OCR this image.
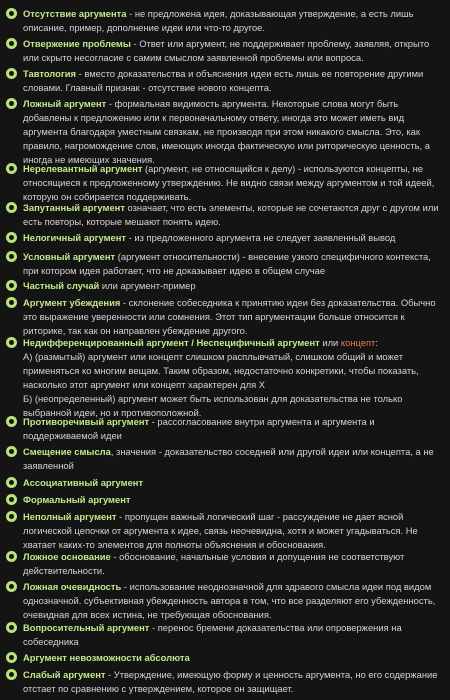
Отсутствие аргумента - не предложена идея, доказывающая утверждение, а есть лишь описание, пример, дополнение идеи или что-то другое.
Отвержение проблемы - Ответ или аргумент, не поддерживает проблему, заявляя, открыто или скрыто несогласие с самим смыслом заявленной проблемы или вопроса.
Тавтология - вместо доказательства и объяснения идеи есть лишь ее повторение другими словами. Главный признак - отсутствие нового концепта.
Ложный аргумент - формальная видимость аргумента. Некоторые слова могут быть добавлены к предложению или к первоначальному ответу, иногда это может иметь вид аргумента благодаря уместным связкам, не производя при этом никакого смысла. Это, как правило, нагромождение слов, имеющих иногда фактическую или риторическую ценность, а иногда не имеющих значения.
Нерелевантный аргумент (аргумент, не относящийся к делу) - используются концепты, не относящиеся к предложенному утверждению. Не видно связи между аргументом и той идеей, которую он собирается поддерживать.
Запутанный аргумент означает, что есть элементы, которые не сочетаются друг с другом или есть повторы, которые мешают понять идею.
Нелогичный аргумент - из предложенного аргумента не следует заявленный вывод
Условный аргумент (аргумент относительности) - внесение узкого специфичного контекста, при котором идея работает, что не доказывает идею в общем случае
Частный случай или аргумент-пример
Аргумент убеждения - склонение собеседника к принятию идеи без доказательства. Обычно это выражение уверенности или сомнения. Этот тип аргументации больше относится к риторике, так как он направлен убеждение другого.
Недифференцированный аргумент / Неспецифичный аргумент или концепт:
А) (размытый) аргумент или концепт слишком расплывчатый, слишком общий и может применяться ко многим вещам. Таким образом, недостаточно конкретики, чтобы показать, насколько этот аргумент или концепт характерен для Х
Б) (неопределенный) аргумент может быть использован для доказательства не только выбранной идеи, но и противоположной.
Противоречивый аргумент - рассогласование внутри аргумента и аргумента и поддерживаемой идеи
Смещение смысла, значения - доказательство соседней или другой идеи или концепта, а не заявленной
Ассоциативный аргумент
Формальный аргумент
Неполный аргумент - пропущен важный логический шаг - рассуждение не дает ясной логической цепочки от аргумента к идее, связь неочевидна, хотя и может угадываться. Не хватает каких-то элементов для полноты объяснения и обоснования.
Ложное основание - обоснование, начальные условия и допущения не соответствуют действительности.
Ложная очевидность - использование неоднозначной для здравого смысла идеи под видом однозначной. субъективная убежденность автора в том, что все разделяют его убежденность, очевидная для всех истина, не требующая обоснования.
Вопросительный аргумент - перенос бремени доказательства или опровержения на собеседника
Аргумент невозможности абсолюта
Слабый аргумент - Утверждение, имеющую форму и ценность аргумента, но его содержание отстает по сравнению с утверждением, которое он защищает.
